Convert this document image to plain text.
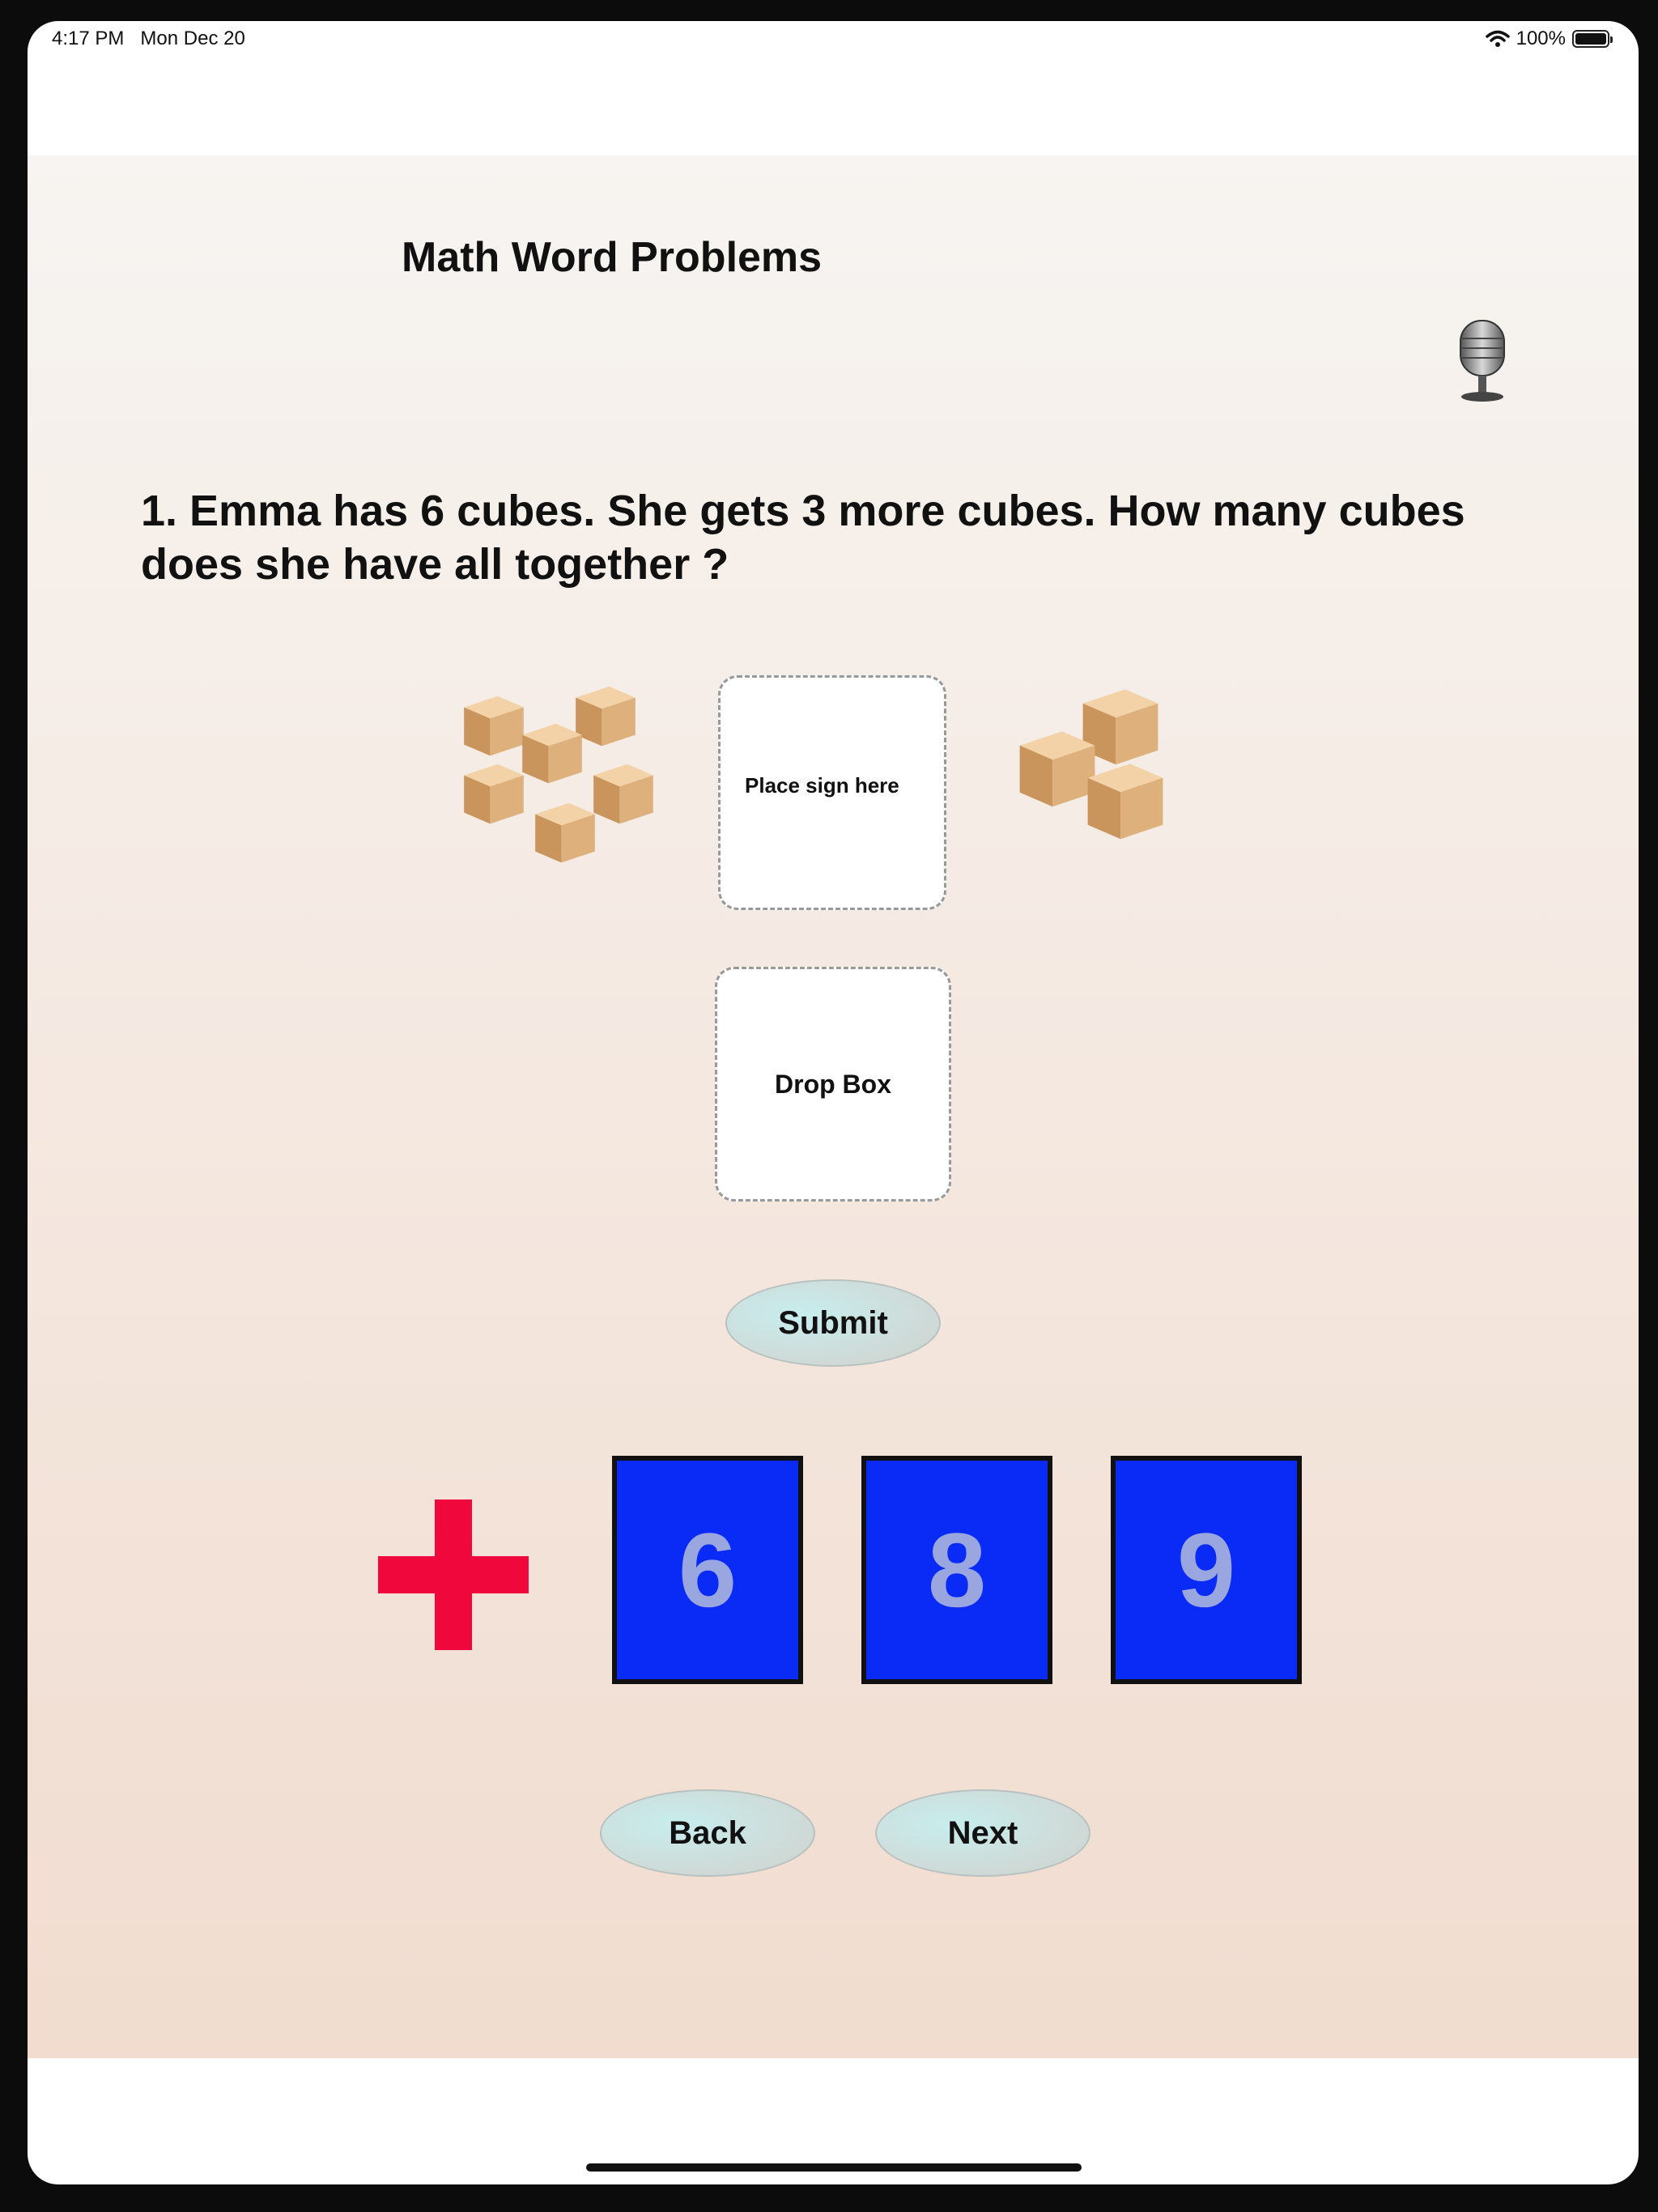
4:17 PM Mon Dec 20	100%
Math Word Problems
1. Emma has 6 cubes. She gets 3 more cubes. How many cubes does she have all together ?
Place sign here
Drop Box
Submit
6	8	9
Back	Next
